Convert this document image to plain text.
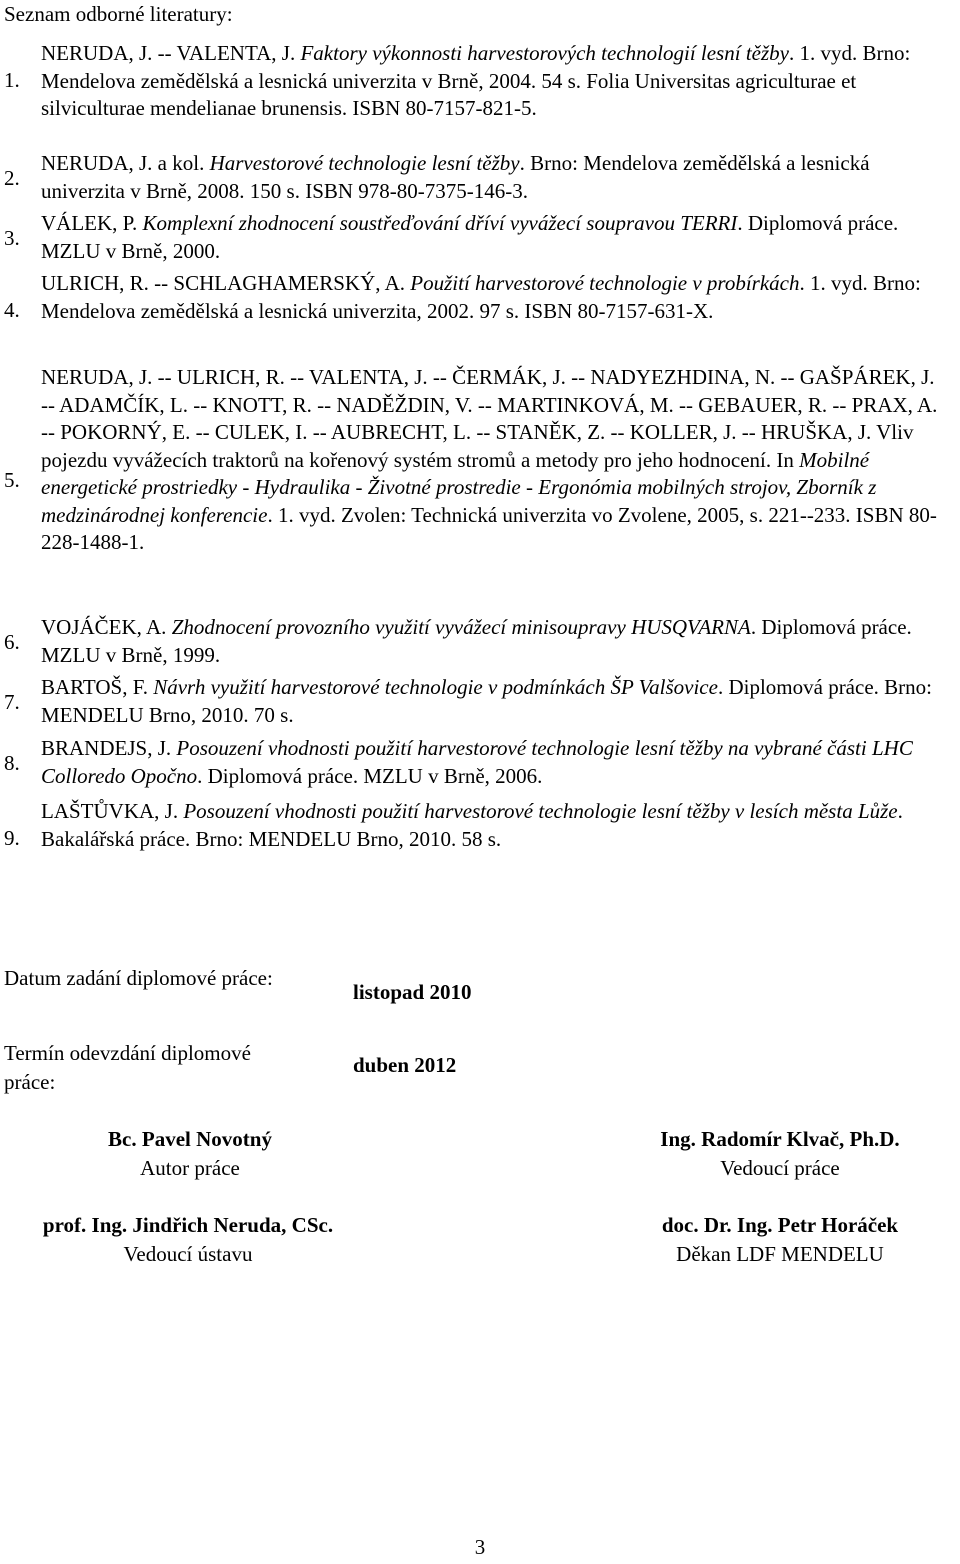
Seznam odborné literatury:
1.
NERUDA, J. -- VALENTA, J. Faktory výkonnosti harvestorových technologií lesní těžby. 1. vyd. Brno: Mendelova zemědělská a lesnická univerzita v Brně, 2004. 54 s. Folia Universitas agriculturae et silviculturae mendelianae brunensis. ISBN 80-7157-821-5.
2.
NERUDA, J. a kol. Harvestorové technologie lesní těžby. Brno: Mendelova zemědělská a lesnická univerzita v Brně, 2008. 150 s. ISBN 978-80-7375-146-3.
3.
VÁLEK, P. Komplexní zhodnocení soustřeďování dříví vyvážecí soupravou TERRI. Diplomová práce. MZLU v Brně, 2000.
4.
ULRICH, R. -- SCHLAGHAMERSKÝ, A. Použití harvestorové technologie v probírkách. 1. vyd. Brno: Mendelova zemědělská a lesnická univerzita, 2002. 97 s. ISBN 80-7157-631-X.
5.
NERUDA, J. -- ULRICH, R. -- VALENTA, J. -- ČERMÁK, J. -- NADYEZHDINA, N. -- GAŠPÁREK, J. -- ADAMČÍK, L. -- KNOTT, R. -- NADĚŽDIN, V. -- MARTINKOVÁ, M. -- GEBAUER, R. -- PRAX, A. -- POKORNÝ, E. -- CULEK, I. -- AUBRECHT, L. -- STANĚK, Z. -- KOLLER, J. -- HRUŠKA, J. Vliv pojezdu vyvážecích traktorů na kořenový systém stromů a metody pro jeho hodnocení. In Mobilné energetické prostriedky - Hydraulika - Životné prostredie - Ergonómia mobilných strojov, Zborník z medzinárodnej konferencie. 1. vyd. Zvolen: Technická univerzita vo Zvolene, 2005, s. 221--233. ISBN 80-228-1488-1.
6.
VOJÁČEK, A. Zhodnocení provozního využití vyvážecí minisoupravy HUSQVARNA. Diplomová práce. MZLU v Brně, 1999.
7.
BARTOŠ, F. Návrh využití harvestorové technologie v podmínkách ŠP Valšovice. Diplomová práce. Brno: MENDELU Brno, 2010. 70 s.
8.
BRANDEJS, J. Posouzení vhodnosti použití harvestorové technologie lesní těžby na vybrané části LHC Colloredo Opočno. Diplomová práce. MZLU v Brně, 2006.
9.
LAŠTŮVKA, J. Posouzení vhodnosti použití harvestorové technologie lesní těžby v lesích města Lůže. Bakalářská práce. Brno: MENDELU Brno, 2010. 58 s.
Datum zadání diplomové práce:
listopad 2010
Termín odevzdání diplomové práce:
duben 2012
Bc. Pavel Novotný
Autor práce
Ing. Radomír Klvač, Ph.D.
Vedoucí práce
prof. Ing. Jindřich Neruda, CSc.
Vedoucí ústavu
doc. Dr. Ing. Petr Horáček
Děkan LDF MENDELU
3
